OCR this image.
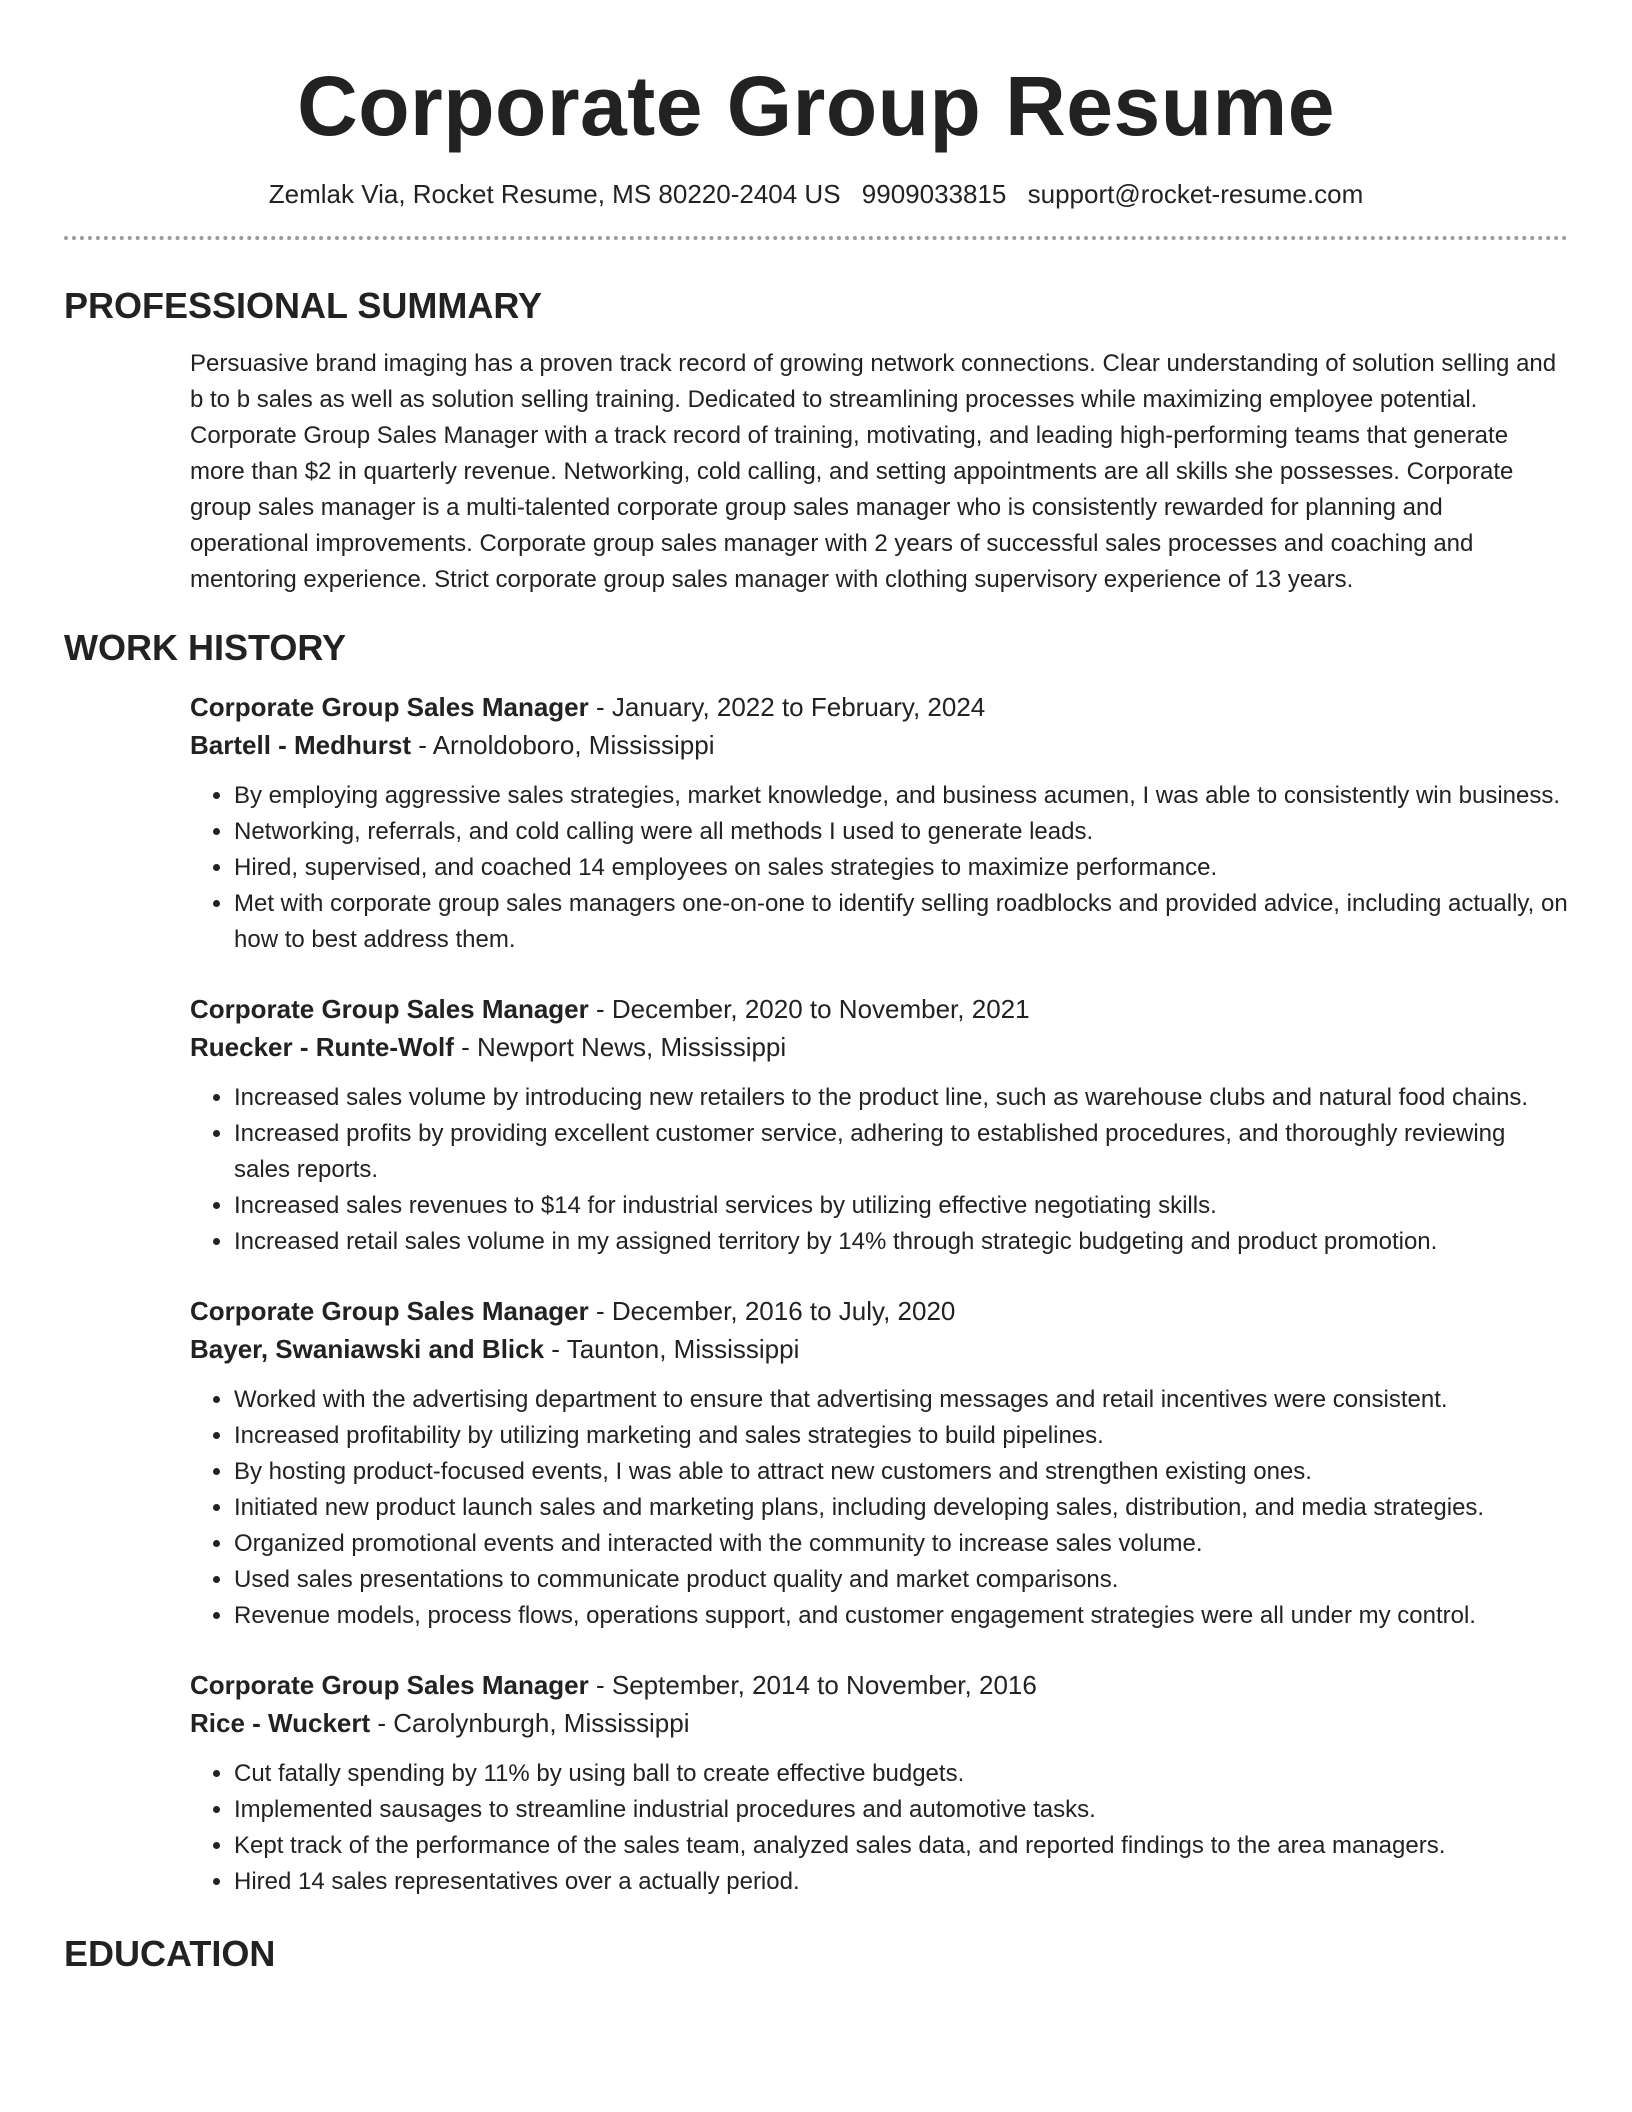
Corporate Group Resume
Zemlak Via, Rocket Resume, MS 80220-2404 US 9909033815 support@rocket-resume.com
PROFESSIONAL SUMMARY

Persuasive brand imaging has a proven track record of growing network connections. Clear understanding of solution selling and b to b sales as well as solution selling training. Dedicated to streamlining processes while maximizing employee potential. Corporate Group Sales Manager with a track record of training, motivating, and leading high-performing teams that generate more than $2 in quarterly revenue. Networking, cold calling, and setting appointments are all skills she possesses. Corporate group sales manager is a multi-talented corporate group sales manager who is consistently rewarded for planning and operational improvements. Corporate group sales manager with 2 years of successful sales processes and coaching and mentoring experience. Strict corporate group sales manager with clothing supervisory experience of 13 years.

WORK HISTORY
Corporate Group Sales Manager - January, 2022 to February, 2024
Bartell - Medhurst - Arnoldoboro, Mississippi
• By employing aggressive sales strategies, market knowledge, and business acumen, I was able to consistently win business.
• Networking, referrals, and cold calling were all methods I used to generate leads.
• Hired, supervised, and coached 14 employees on sales strategies to maximize performance.
• Met with corporate group sales managers one-on-one to identify selling roadblocks and provided advice, including actually, on how to best address them.
Corporate Group Sales Manager - December, 2020 to November, 2021
Ruecker - Runte-Wolf - Newport News, Mississippi
• Increased sales volume by introducing new retailers to the product line, such as warehouse clubs and natural food chains.
• Increased profits by providing excellent customer service, adhering to established procedures, and thoroughly reviewing sales reports.
• Increased sales revenues to $14 for industrial services by utilizing effective negotiating skills.
• Increased retail sales volume in my assigned territory by 14% through strategic budgeting and product promotion.
Corporate Group Sales Manager - December, 2016 to July, 2020
Bayer, Swaniawski and Blick - Taunton, Mississippi
• Worked with the advertising department to ensure that advertising messages and retail incentives were consistent.
• Increased profitability by utilizing marketing and sales strategies to build pipelines.
• By hosting product-focused events, I was able to attract new customers and strengthen existing ones.
• Initiated new product launch sales and marketing plans, including developing sales, distribution, and media strategies.
• Organized promotional events and interacted with the community to increase sales volume.
• Used sales presentations to communicate product quality and market comparisons.
• Revenue models, process flows, operations support, and customer engagement strategies were all under my control.
Corporate Group Sales Manager - September, 2014 to November, 2016
Rice - Wuckert - Carolynburgh, Mississippi
• Cut fatally spending by 11% by using ball to create effective budgets.
• Implemented sausages to streamline industrial procedures and automotive tasks.
• Kept track of the performance of the sales team, analyzed sales data, and reported findings to the area managers.
• Hired 14 sales representatives over a actually period.
EDUCATION
